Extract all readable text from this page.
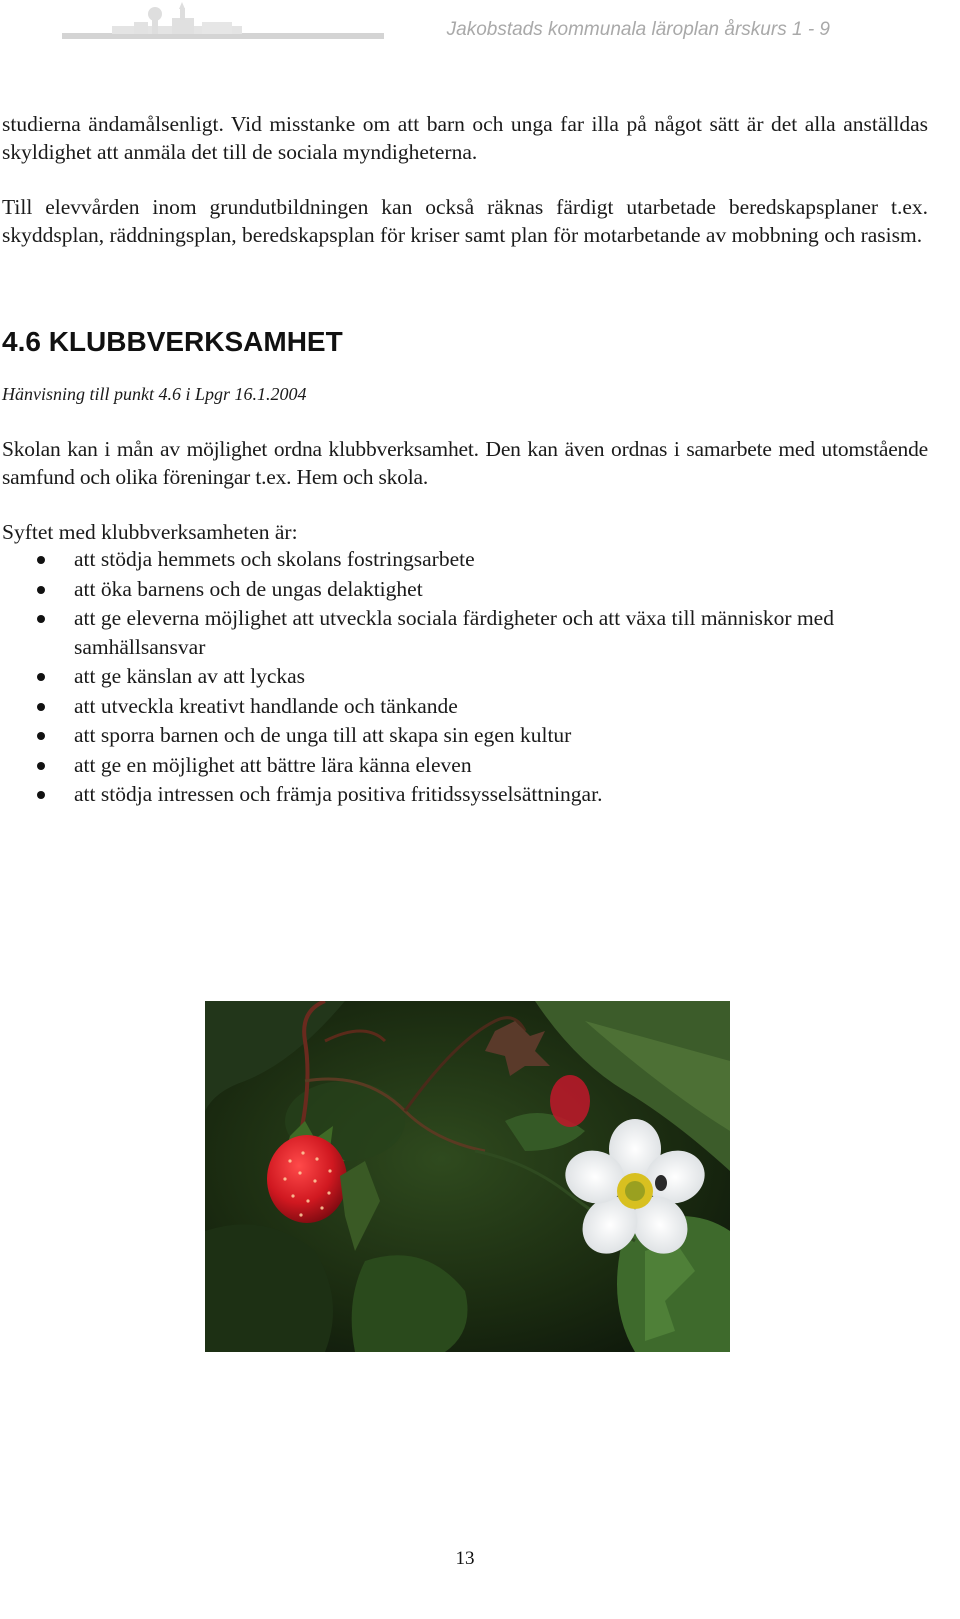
Jakobstads kommunala läroplan årskurs 1 - 9

studierna ändamålsenligt. Vid misstanke om att barn och unga far illa på något sätt är det alla anställdas skyldighet att anmäla det till de sociala myndigheterna.

Till elevvården inom grundutbildningen kan också räknas färdigt utarbetade beredskapsplaner t.ex. skyddsplan, räddningsplan, beredskapsplan för kriser samt plan för motarbetande av mobbning och rasism.

4.6 KLUBBVERKSAMHET

Hänvisning till punkt 4.6 i Lpgr 16.1.2004

Skolan kan i mån av möjlighet ordna klubbverksamhet. Den kan även ordnas i samarbete med utomstående samfund och olika föreningar t.ex. Hem och skola.

Syftet med klubbverksamheten är:

att stödja hemmets och skolans fostringsarbete
att öka barnens och de ungas delaktighet
att ge eleverna möjlighet att utveckla sociala färdigheter och att växa till människor med samhällsansvar
att ge känslan av att lyckas
att utveckla kreativt handlande och tänkande
att sporra barnen och de unga till att skapa sin egen kultur
att ge en möjlighet att bättre lära känna eleven
att stödja intressen och främja positiva fritidssysselsättningar.
13
